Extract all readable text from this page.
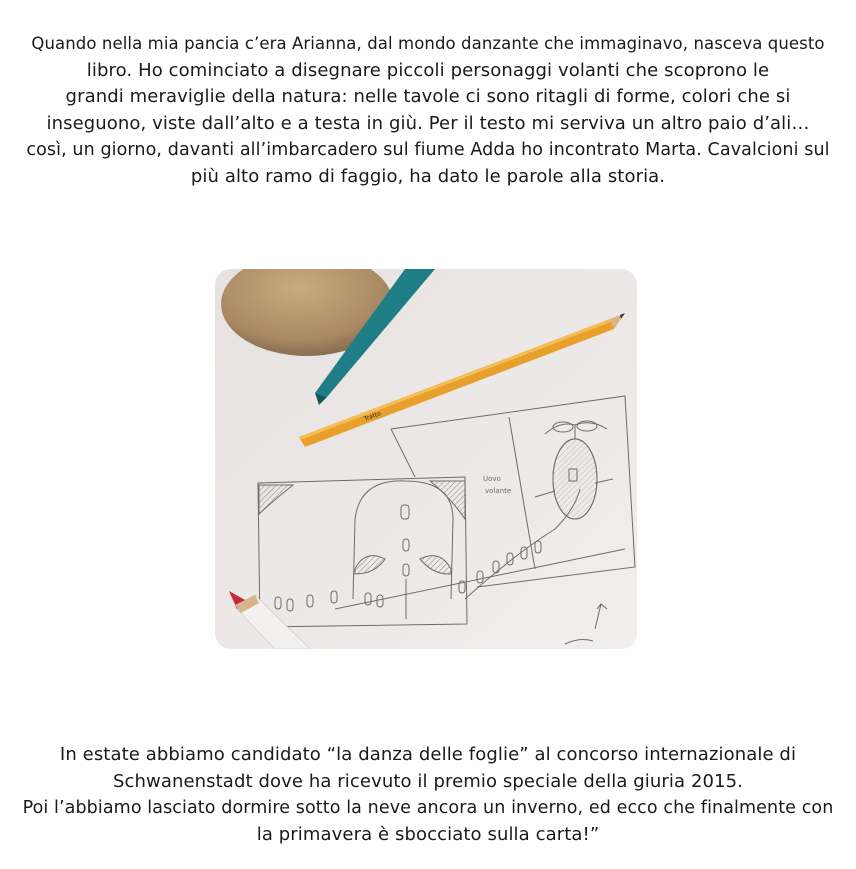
Quando nella mia pancia c’era Arianna, dal mondo danzante che immaginavo, nasceva questo
libro. Ho cominciato a disegnare piccoli personaggi volanti che scoprono le
grandi meraviglie della natura: nelle tavole ci sono ritagli di forme, colori che si
inseguono, viste dall’alto e a testa in giù. Per il testo mi serviva un altro paio d’ali…
così, un giorno, davanti all’imbarcadero sul fiume Adda ho incontrato Marta. Cavalcioni sul
più alto ramo di faggio, ha dato le parole alla storia.
Tratto
Uovo
volante
In estate abbiamo candidato “la danza delle foglie” al concorso internazionale di
Schwanenstadt dove ha ricevuto il premio speciale della giuria 2015.
Poi l’abbiamo lasciato dormire sotto la neve ancora un inverno, ed ecco che finalmente con
la primavera è sbocciato sulla carta!”
